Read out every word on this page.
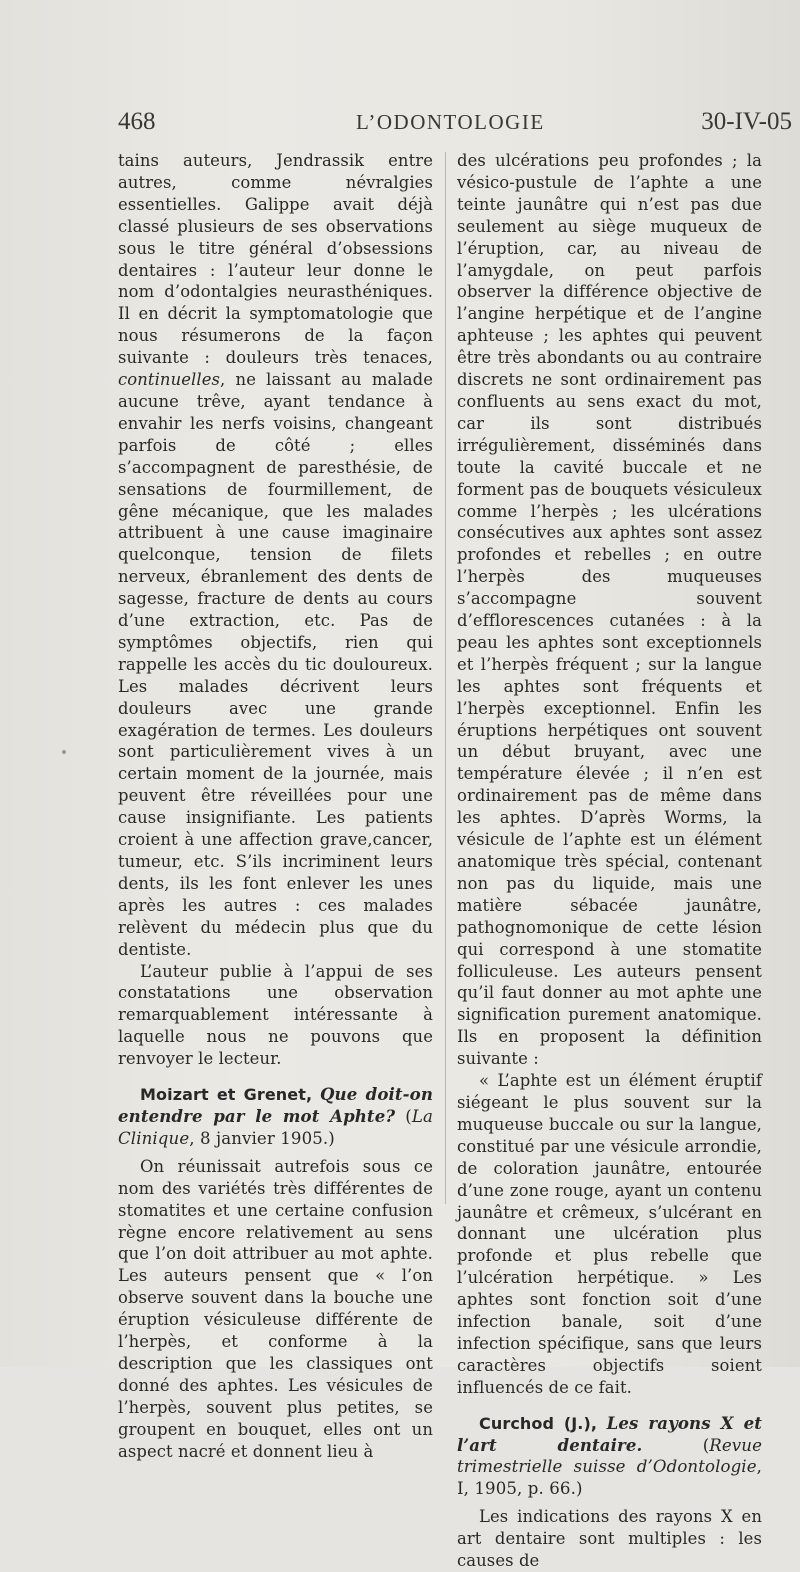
468	L’ODONTOLOGIE	30-IV-05

tains auteurs, Jendrassik entre autres, comme névralgies essentielles. Galippe avait déjà classé plusieurs de ses observations sous le titre général d’obsessions dentaires : l’auteur leur donne le nom d’odontalgies neurasthéniques. Il en décrit la symptomatologie que nous résumerons de la façon suivante : douleurs très tenaces, continuelles, ne laissant au malade aucune trêve, ayant tendance à envahir les nerfs voisins, changeant parfois de côté ; elles s’accompagnent de paresthésie, de sensations de fourmillement, de gêne mécanique, que les malades attribuent à une cause imaginaire quelconque, tension de filets nerveux, ébranlement des dents de sagesse, fracture de dents au cours d’une extraction, etc. Pas de symptômes objectifs, rien qui rappelle les accès du tic douloureux. Les malades décrivent leurs douleurs avec une grande exagération de termes. Les douleurs sont particulièrement vives à un certain moment de la journée, mais peuvent être réveillées pour une cause insignifiante. Les patients croient à une affection grave,cancer, tumeur, etc. S’ils incriminent leurs dents, ils les font enlever les unes après les autres : ces malades relèvent du médecin plus que du dentiste.

L’auteur publie à l’appui de ses constatations une observation remarquablement intéressante à laquelle nous ne pouvons que renvoyer le lecteur.

Moizart et Grenet, Que doit-on entendre par le mot Aphte? (La Clinique, 8 janvier 1905.)

On réunissait autrefois sous ce nom des variétés très différentes de stomatites et une certaine confusion règne encore relativement au sens que l’on doit attribuer au mot aphte. Les auteurs pensent que « l’on observe souvent dans la bouche une éruption vésiculeuse différente de l’herpès, et conforme à la description que les classiques ont donné des aphtes. Les vésicules de l’herpès, souvent plus petites, se groupent en bouquet, elles ont un aspect nacré et donnent lieu à

des ulcérations peu profondes ; la vésico-pustule de l’aphte a une teinte jaunâtre qui n’est pas due seulement au siège muqueux de l’éruption, car, au niveau de l’amygdale, on peut parfois observer la différence objective de l’angine herpétique et de l’angine aphteuse ; les aphtes qui peuvent être très abondants ou au contraire discrets ne sont ordinairement pas confluents au sens exact du mot, car ils sont distribués irrégulièrement, disséminés dans toute la cavité buccale et ne forment pas de bouquets vésiculeux comme l’herpès ; les ulcérations consécutives aux aphtes sont assez profondes et rebelles ; en outre l’herpès des muqueuses s’accompagne souvent d’efflorescences cutanées : à la peau les aphtes sont exceptionnels et l’herpès fréquent ; sur la langue les aphtes sont fréquents et l’herpès exceptionnel. Enfin les éruptions herpétiques ont souvent un début bruyant, avec une température élevée ; il n’en est ordinairement pas de même dans les aphtes. D’après Worms, la vésicule de l’aphte est un élément anatomique très spécial, contenant non pas du liquide, mais une matière sébacée jaunâtre, pathognomonique de cette lésion qui correspond à une stomatite folliculeuse. Les auteurs pensent qu’il faut donner au mot aphte une signification purement anatomique. Ils en proposent la définition suivante :

« L’aphte est un élément éruptif siégeant le plus souvent sur la muqueuse buccale ou sur la langue, constitué par une vésicule arrondie, de coloration jaunâtre, entourée d’une zone rouge, ayant un contenu jaunâtre et crêmeux, s’ulcérant en donnant une ulcération plus profonde et plus rebelle que l’ulcération herpétique. » Les aphtes sont fonction soit d’une infection banale, soit d’une infection spécifique, sans que leurs caractères objectifs soient influencés de ce fait.

Curchod (J.), Les rayons X et l’art dentaire.	(Revue trimestrielle suisse d’Odontologie, I, 1905, p. 66.)

Les indications des rayons X en art dentaire sont multiples : les causes de
